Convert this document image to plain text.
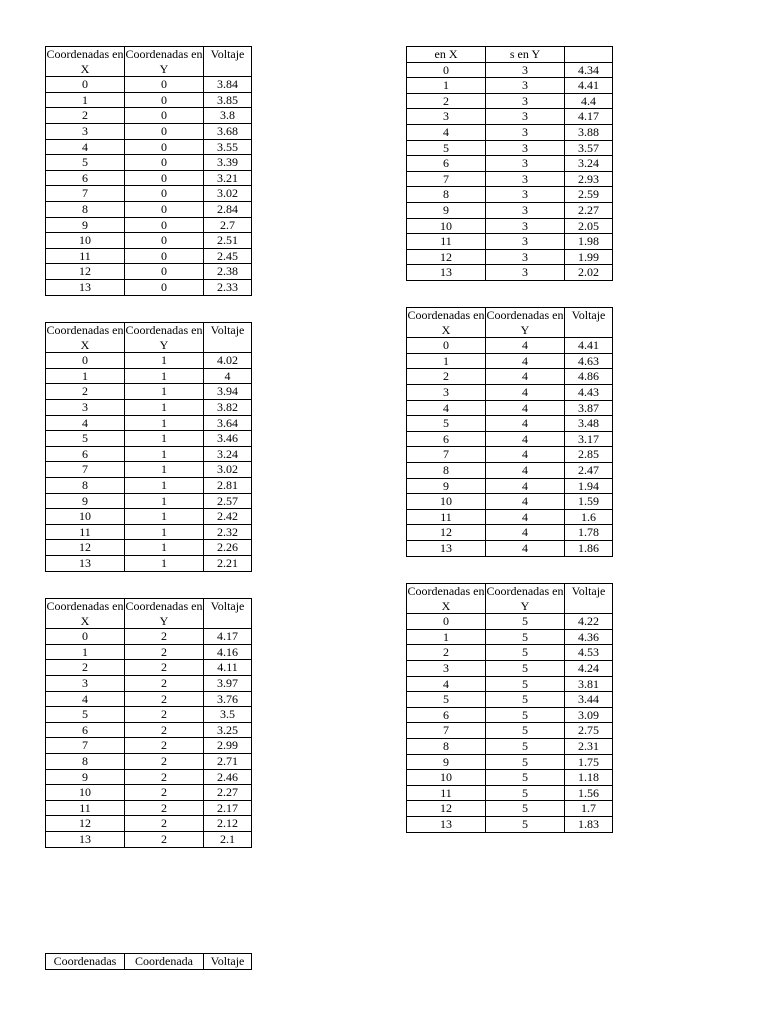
Coordenadas en X	Coordenadas en Y	Voltaje
0	0	3.84
1	0	3.85
2	0	3.8
3	0	3.68
4	0	3.55
5	0	3.39
6	0	3.21
7	0	3.02
8	0	2.84
9	0	2.7
10	0	2.51
11	0	2.45
12	0	2.38
13	0	2.33
Coordenadas en X	Coordenadas en Y	Voltaje
0	1	4.02
1	1	4
2	1	3.94
3	1	3.82
4	1	3.64
5	1	3.46
6	1	3.24
7	1	3.02
8	1	2.81
9	1	2.57
10	1	2.42
11	1	2.32
12	1	2.26
13	1	2.21
Coordenadas en X	Coordenadas en Y	Voltaje
0	2	4.17
1	2	4.16
2	2	4.11
3	2	3.97
4	2	3.76
5	2	3.5
6	2	3.25
7	2	2.99
8	2	2.71
9	2	2.46
10	2	2.27
11	2	2.17
12	2	2.12
13	2	2.1
en X	s en Y	
0	3	4.34
1	3	4.41
2	3	4.4
3	3	4.17
4	3	3.88
5	3	3.57
6	3	3.24
7	3	2.93
8	3	2.59
9	3	2.27
10	3	2.05
11	3	1.98
12	3	1.99
13	3	2.02
Coordenadas en X	Coordenadas en Y	Voltaje
0	4	4.41
1	4	4.63
2	4	4.86
3	4	4.43
4	4	3.87
5	4	3.48
6	4	3.17
7	4	2.85
8	4	2.47
9	4	1.94
10	4	1.59
11	4	1.6
12	4	1.78
13	4	1.86
Coordenadas en X	Coordenadas en Y	Voltaje
0	5	4.22
1	5	4.36
2	5	4.53
3	5	4.24
4	5	3.81
5	5	3.44
6	5	3.09
7	5	2.75
8	5	2.31
9	5	1.75
10	5	1.18
11	5	1.56
12	5	1.7
13	5	1.83
Coordenadas	Coordenada	Voltaje
